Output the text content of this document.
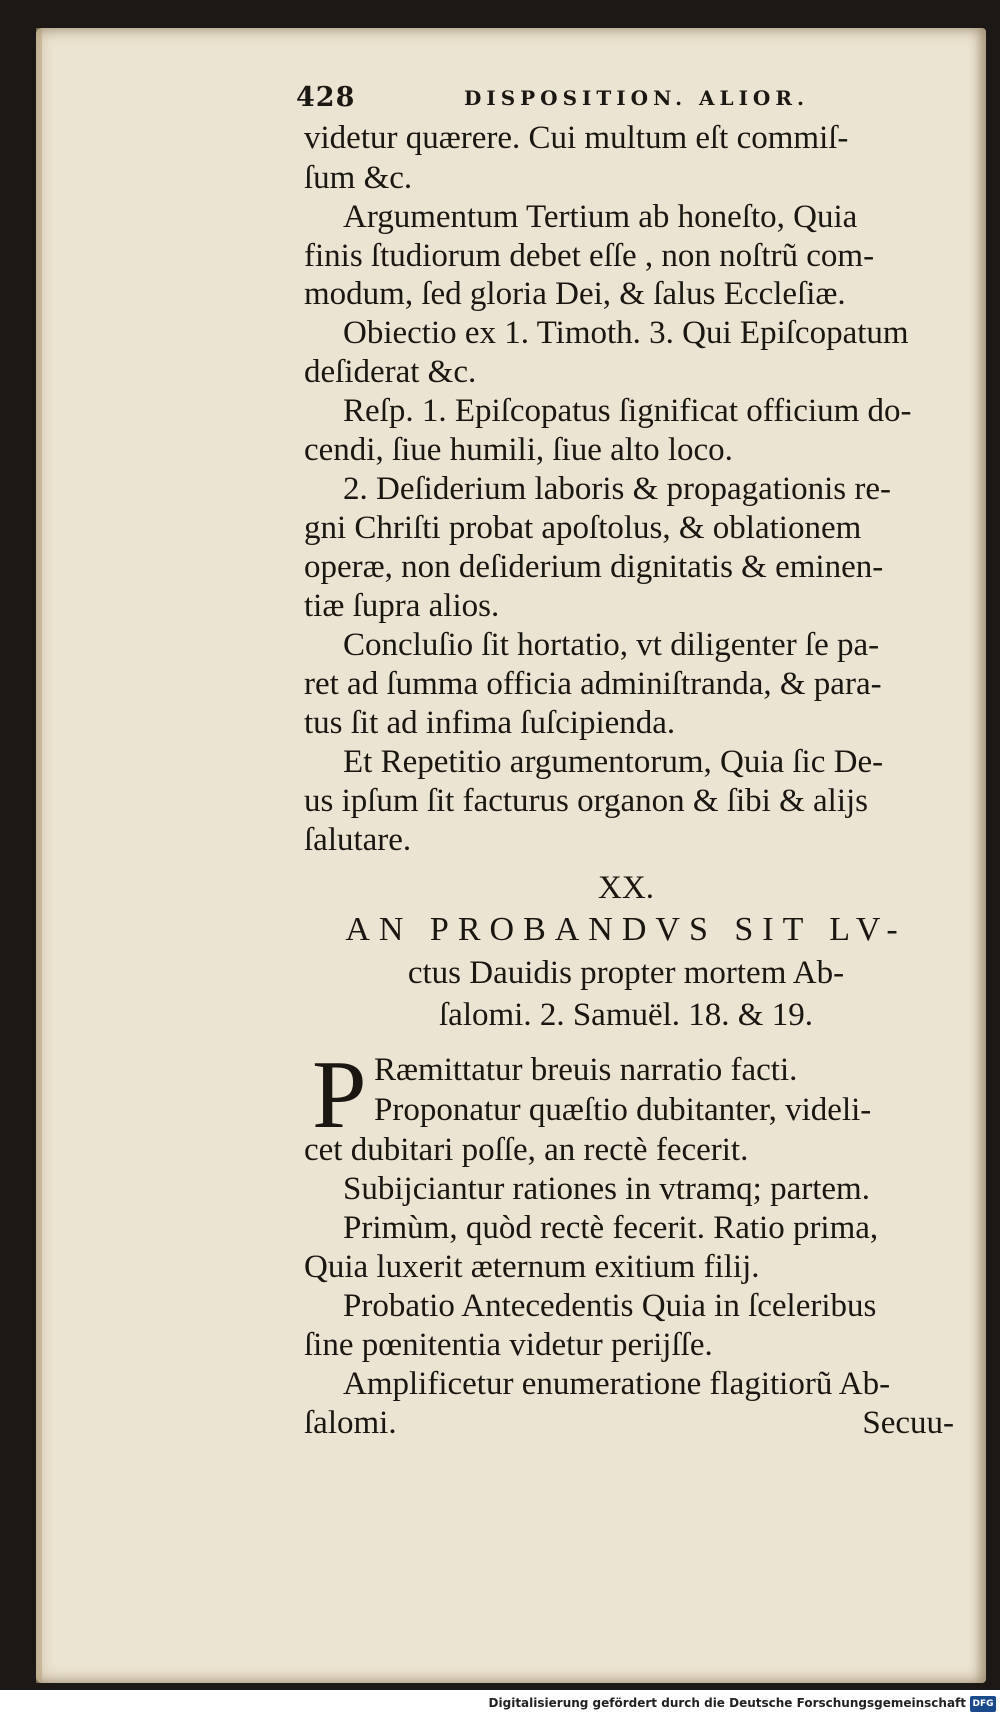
428	DISPOSITION. ALIOR.
videtur quærere. Cui multum eſt commiſ-
ſum &c.
Argumentum Tertium ab honeſto, Quia
finis ſtudiorum debet eſſe , non noſtrũ com-
modum, ſed gloria Dei, & ſalus Eccleſiæ.
Obiectio ex 1. Timoth. 3. Qui Epiſcopatum
deſiderat &c.
Reſp. 1. Epiſcopatus ſignificat officium do-
cendi, ſiue humili, ſiue alto loco.
2. Deſiderium laboris & propagationis re-
gni Chriſti probat apoſtolus, & oblationem
operæ, non deſiderium dignitatis & eminen-
tiæ ſupra alios.
Concluſio ſit hortatio, vt diligenter ſe pa-
ret ad ſumma officia adminiſtranda, & para-
tus ſit ad infima ſuſcipienda.
Et Repetitio argumentorum, Quia ſic De-
us ipſum ſit facturus organon & ſibi & alijs
ſalutare.
XX.
AN PROBANDVS SIT LV-
ctus Dauidis propter mortem Ab-
ſalomi. 2. Samuël. 18. & 19.
P Ræmittatur breuis narratio facti.
Proponatur quæſtio dubitanter, videli-
cet dubitari poſſe, an rectè fecerit.
Subijciantur rationes in vtramq; partem.
Primùm, quòd rectè fecerit. Ratio prima,
Quia luxerit æternum exitium filij.
Probatio Antecedentis Quia in ſceleribus
ſine pœnitentia videtur perijſſe.
Amplificetur enumeratione flagitiorũ Ab-
ſalomi.	Secuu-
Digitalisierung gefördert durch die Deutsche Forschungsgemeinschaft DFG
